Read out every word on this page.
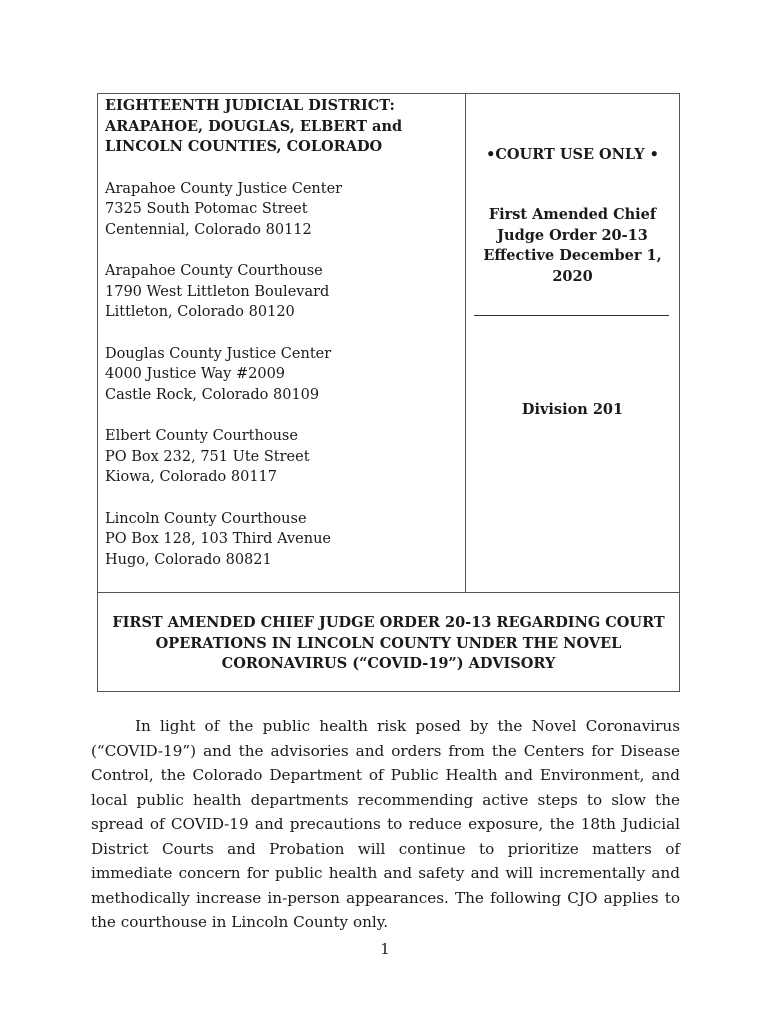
EIGHTEENTH JUDICIAL DISTRICT:
ARAPAHOE, DOUGLAS, ELBERT and
LINCOLN COUNTIES, COLORADO
Arapahoe County Justice Center
7325 South Potomac Street
Centennial, Colorado 80112
Arapahoe County Courthouse
1790 West Littleton Boulevard
Littleton, Colorado 80120
Douglas County Justice Center
4000 Justice Way #2009
Castle Rock, Colorado 80109
Elbert County Courthouse
PO Box 232, 751 Ute Street
Kiowa, Colorado 80117
Lincoln County Courthouse
PO Box 128, 103 Third Avenue
Hugo, Colorado 80821
•COURT USE ONLY •
First Amended Chief
Judge Order 20-13
Effective December 1, 2020
Division 201
FIRST AMENDED CHIEF JUDGE ORDER 20-13 REGARDING COURT
OPERATIONS IN LINCOLN COUNTY UNDER THE NOVEL
CORONAVIRUS (“COVID-19”) ADVISORY

In light of the public health risk posed by the Novel Coronavirus (“COVID-19”) and the advisories and orders from the Centers for Disease Control, the Colorado Department of Public Health and Environment, and local public health departments recommending active steps to slow the spread of COVID-19 and precautions to reduce exposure, the 18th Judicial District Courts and Probation will continue to prioritize matters of immediate concern for public health and safety and will incrementally and methodically increase in-person appearances. The following CJO applies to the courthouse in Lincoln County only.

1
